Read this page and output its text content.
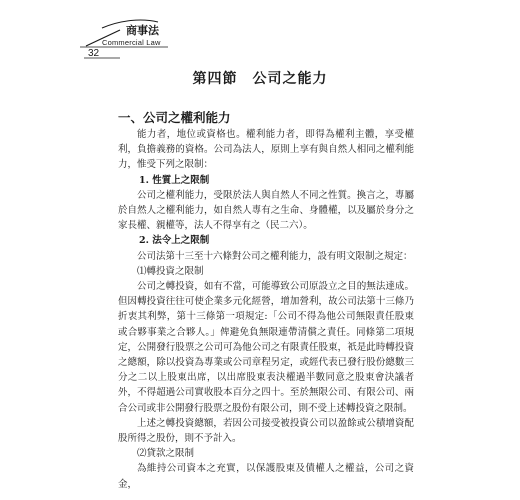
商事法
Commercial Law
32
第四節　公司之能力
一、公司之權利能力

能力者，地位或資格也。權利能力者，即得為權利主體，享受權利，負擔義務的資格。公司為法人，原則上享有與自然人相同之權利能力，惟受下列之限制：

1. 性質上之限制

公司之權利能力，受限於法人與自然人不同之性質。換言之，專屬於自然人之權利能力，如自然人專有之生命、身體權，以及屬於身分之家長權、親權等，法人不得享有之（民二六）。

2. 法令上之限制

公司法第十三至十六條對公司之權利能力，設有明文限制之規定：

⑴轉投資之限制

公司之轉投資，如有不當，可能導致公司原設立之目的無法達成。但因轉投資往往可使企業多元化經營，增加營利，故公司法第十三條乃折衷其利弊，第十三條第一項規定:「公司不得為他公司無限責任股東或合夥事業之合夥人。」俾避免負無限連帶清償之責任。同條第二項規定，公開發行股票之公司可為他公司之有限責任股東，祇是此時轉投資之總額，除以投資為專業或公司章程另定，或經代表已發行股份總數三分之二以上股東出席，以出席股東表決權過半數同意之股東會決議者外，不得超過公司實收股本百分之四十。至於無限公司、有限公司、兩合公司或非公開發行股票之股份有限公司，則不受上述轉投資之限制。

上述之轉投資總額，若因公司接受被投資公司以盈餘或公積增資配股所得之股份，則不予計入。

⑵貸款之限制

為維持公司資本之充實，以保護股東及債權人之權益，公司之資金，
